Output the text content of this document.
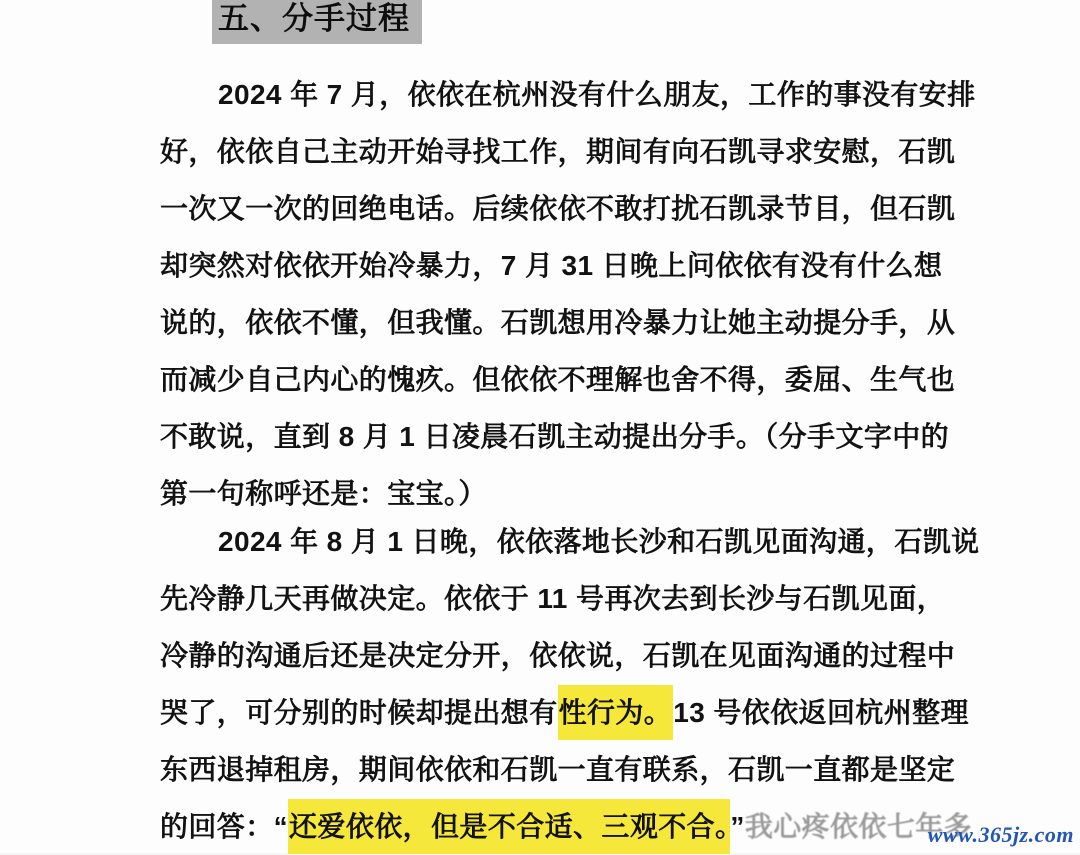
五、分手过程
2024 年 7 月，依依在杭州没有什么朋友，工作的事没有安排
好，依依自己主动开始寻找工作，期间有向石凯寻求安慰，石凯
一次又一次的回绝电话。后续依依不敢打扰石凯录节目，但石凯
却突然对依依开始冷暴力，7 月 31 日晚上问依依有没有什么想
说的，依依不懂，但我懂。石凯想用冷暴力让她主动提分手，从
而减少自己内心的愧疚。但依依不理解也舍不得，委屈、生气也
不敢说，直到 8 月 1 日凌晨石凯主动提出分手。（分手文字中的
第一句称呼还是：宝宝。）
2024 年 8 月 1 日晚，依依落地长沙和石凯见面沟通，石凯说
先冷静几天再做决定。依依于 11 号再次去到长沙与石凯见面，
冷静的沟通后还是决定分开，依依说，石凯在见面沟通的过程中
哭了，可分别的时候却提出想有性行为。13 号依依返回杭州整理
东西退掉租房，期间依依和石凯一直有联系，石凯一直都是坚定
的回答：“还爱依依，但是不合适、三观不合。”我心疼依依七年多
www.365jz.com
